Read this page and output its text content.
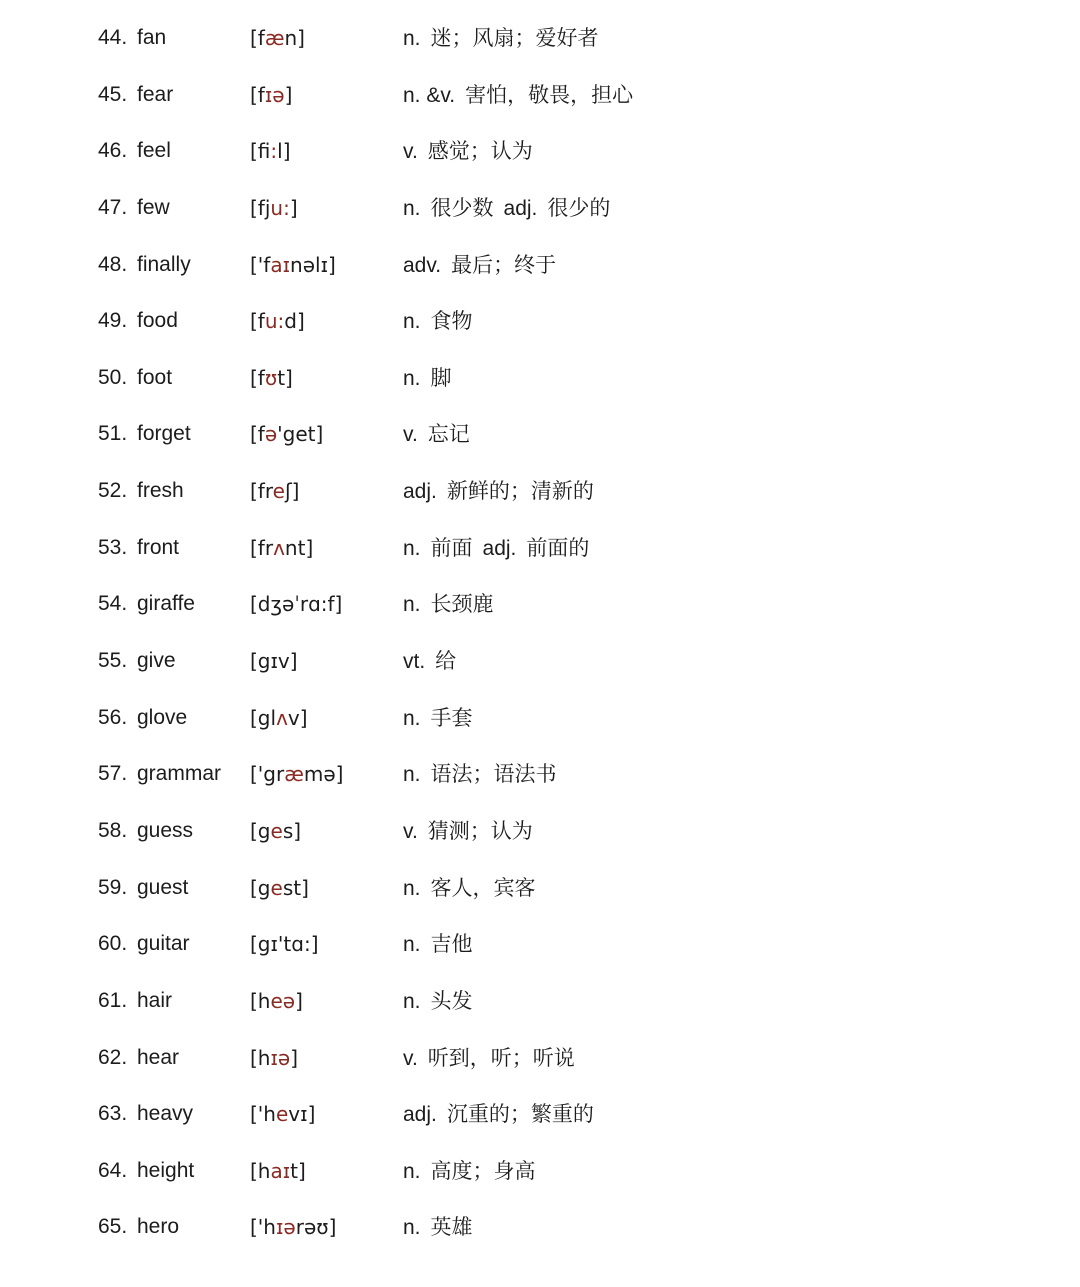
44. fan	[fæn]	n. 迷；风扇；爱好者
45. fear	[fɪə]	n. &v. 害怕，敬畏，担心
46. feel	[fi:l]	v. 感觉；认为
47. few	[fju:]	n. 很少数 adj. 很少的
48. finally	['faɪnəlɪ]	adv. 最后；终于
49. food	[fu:d]	n. 食物
50. foot	[fʊt]	n. 脚
51. forget	[fə'get]	v. 忘记
52. fresh	[freʃ]	adj. 新鲜的；清新的
53. front	[frʌnt]	n. 前面 adj. 前面的
54. giraffe	[dʒəˈrɑ:f]	n. 长颈鹿
55. give	[gɪv]	vt. 给
56. glove	[glʌv]	n. 手套
57. grammar ['græmə]	n. 语法；语法书
58. guess	[ges]	v. 猜测；认为
59. guest	[gest]	n. 客人，宾客
60. guitar	[gɪ'tɑ:]	n. 吉他
61. hair	[heə]	n. 头发
62. hear	[hɪə]	v. 听到，听；听说
63. heavy	['hevɪ]	adj. 沉重的；繁重的
64. height	[haɪt]	n. 高度；身高
65. hero	['hɪərəʊ]	n. 英雄
